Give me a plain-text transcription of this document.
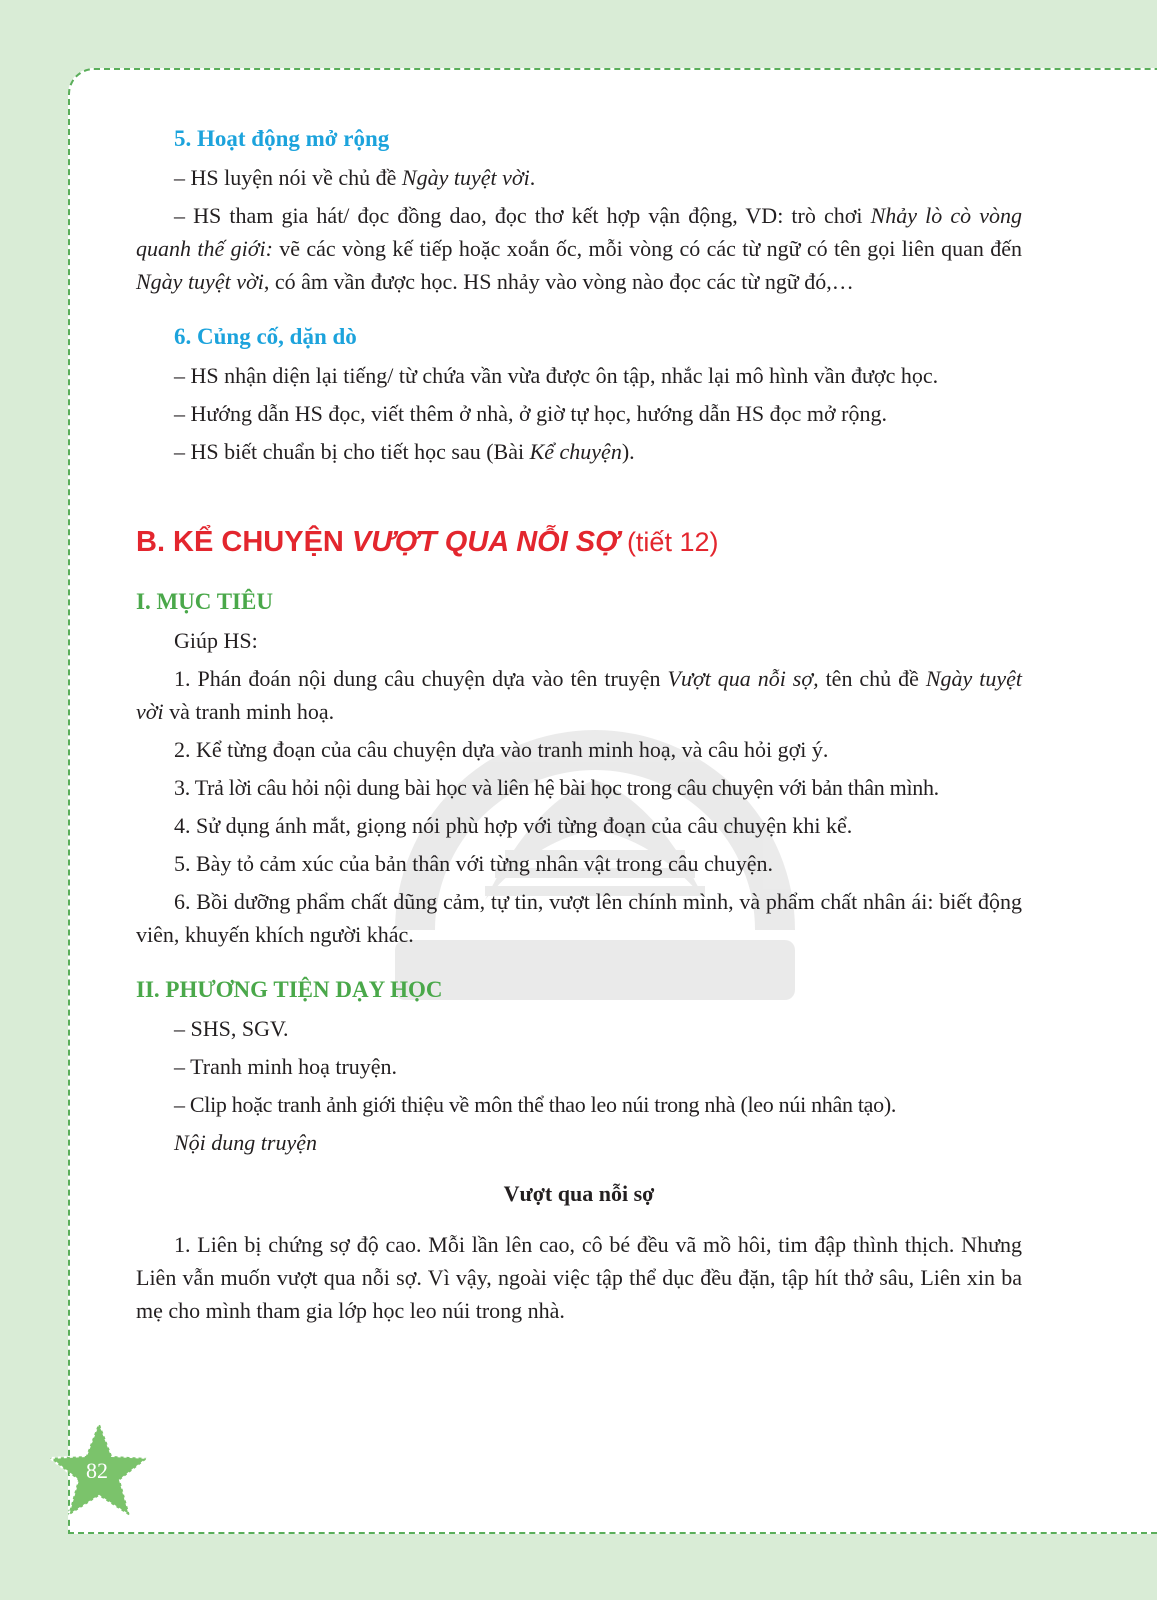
5. Hoạt động mở rộng
– HS luyện nói về chủ đề Ngày tuyệt vời.
– HS tham gia hát/ đọc đồng dao, đọc thơ kết hợp vận động, VD: trò chơi Nhảy lò cò vòng quanh thế giới: vẽ các vòng kế tiếp hoặc xoắn ốc, mỗi vòng có các từ ngữ có tên gọi liên quan đến Ngày tuyệt vời, có âm vần được học. HS nhảy vào vòng nào đọc các từ ngữ đó,…
6. Củng cố, dặn dò
– HS nhận diện lại tiếng/ từ chứa vần vừa được ôn tập, nhắc lại mô hình vần được học.
– Hướng dẫn HS đọc, viết thêm ở nhà, ở giờ tự học, hướng dẫn HS đọc mở rộng.
– HS biết chuẩn bị cho tiết học sau (Bài Kể chuyện).
B. KỂ CHUYỆN VƯỢT QUA NỖI SỢ (tiết 12)
I. MỤC TIÊU
Giúp HS:
1. Phán đoán nội dung câu chuyện dựa vào tên truyện Vượt qua nỗi sợ, tên chủ đề Ngày tuyệt vời và tranh minh hoạ.
2. Kể từng đoạn của câu chuyện dựa vào tranh minh hoạ, và câu hỏi gợi ý.
3. Trả lời câu hỏi nội dung bài học và liên hệ bài học trong câu chuyện với bản thân mình.
4. Sử dụng ánh mắt, giọng nói phù hợp với từng đoạn của câu chuyện khi kể.
5. Bày tỏ cảm xúc của bản thân với từng nhân vật trong câu chuyện.
6. Bồi dưỡng phẩm chất dũng cảm, tự tin, vượt lên chính mình, và phẩm chất nhân ái: biết động viên, khuyến khích người khác.
II. PHƯƠNG TIỆN DẠY HỌC
– SHS, SGV.
– Tranh minh hoạ truyện.
– Clip hoặc tranh ảnh giới thiệu về môn thể thao leo núi trong nhà (leo núi nhân tạo).
Nội dung truyện
Vượt qua nỗi sợ
1. Liên bị chứng sợ độ cao. Mỗi lần lên cao, cô bé đều vã mồ hôi, tim đập thình thịch. Nhưng Liên vẫn muốn vượt qua nỗi sợ. Vì vậy, ngoài việc tập thể dục đều đặn, tập hít thở sâu, Liên xin ba mẹ cho mình tham gia lớp học leo núi trong nhà.
82
